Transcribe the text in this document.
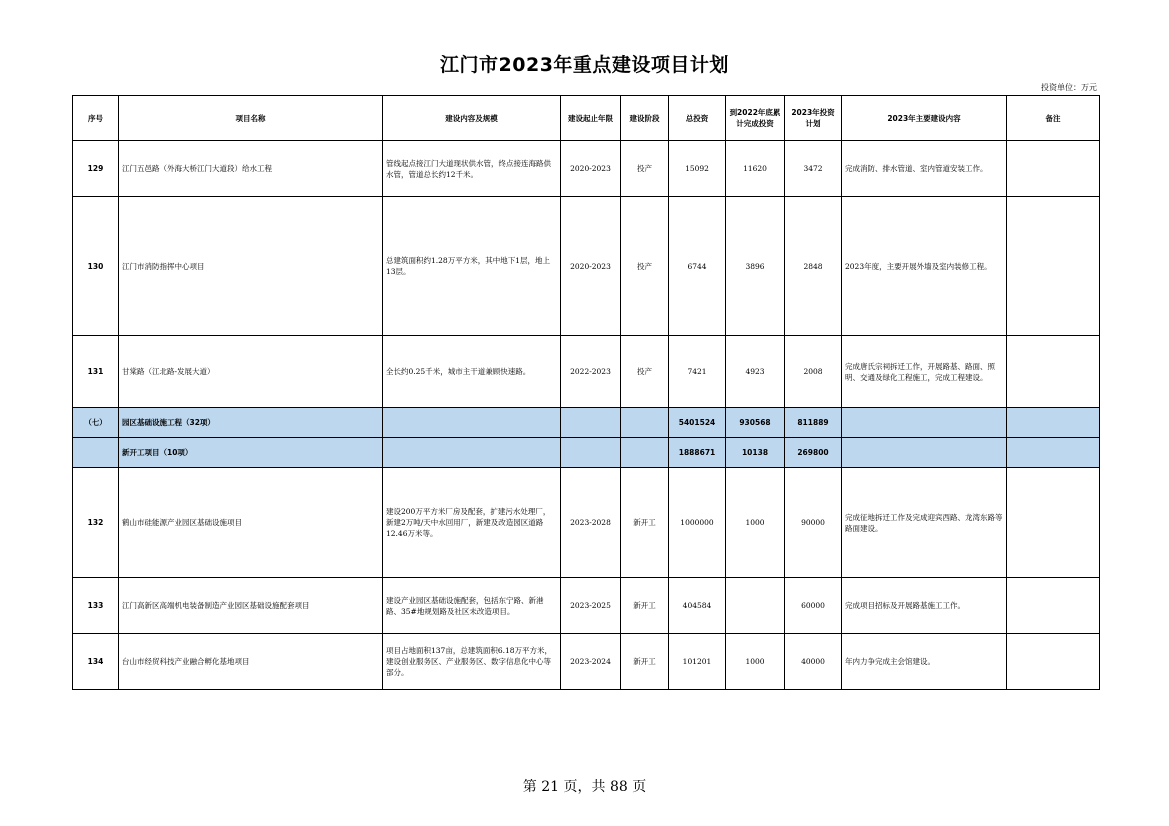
江门市2023年重点建设项目计划
投资单位：万元
序号	项目名称	建设内容及规模	建设起止年限	建设阶段	总投资	到2022年底累计完成投资	2023年投资计划	2023年主要建设内容	备注
129	江门五邑路（外海大桥江门大道段）给水工程	管线起点接江门大道现状供水管，终点接连海路供水管，管道总长约12千米。	2020-2023	投产	15092	11620	3472	完成消防、排水管道、室内管道安装工作。	
130	江门市消防指挥中心项目	总建筑面积约1.28万平方米，其中地下1层，地上13层。	2020-2023	投产	6744	3896	2848	2023年度，主要开展外墙及室内装修工程。	
131	甘棠路（江北路-发展大道）	全长约0.25千米，城市主干道兼顾快速路。	2022-2023	投产	7421	4923	2008	完成唐氏宗祠拆迁工作，开展路基、路面、照明、交通及绿化工程施工，完成工程建设。	
（七）	园区基础设施工程（32项）				5401524	930568	811889		
	新开工项目（10项）				1888671	10138	269800		
132	鹤山市硅能源产业园区基础设施项目	建设200万平方米厂房及配套，扩建污水处理厂，新建2万吨/天中水回用厂，新建及改造园区道路12.46万米等。	2023-2028	新开工	1000000	1000	90000	完成征地拆迁工作及完成迎宾西路、龙湾东路等路面建设。	
133	江门高新区高端机电装备制造产业园区基础设施配套项目	建设产业园区基础设施配套，包括东宁路、新港路、35#地规划路及社区未改造项目。	2023-2025	新开工	404584		60000	完成项目招标及开展路基施工工作。	
134	台山市经贸科技产业融合孵化基地项目	项目占地面积137亩，总建筑面积6.18万平方米，建设创业服务区、产业服务区、数字信息化中心等部分。	2023-2024	新开工	101201	1000	40000	年内力争完成主会馆建设。	
第 21 页，共 88 页
